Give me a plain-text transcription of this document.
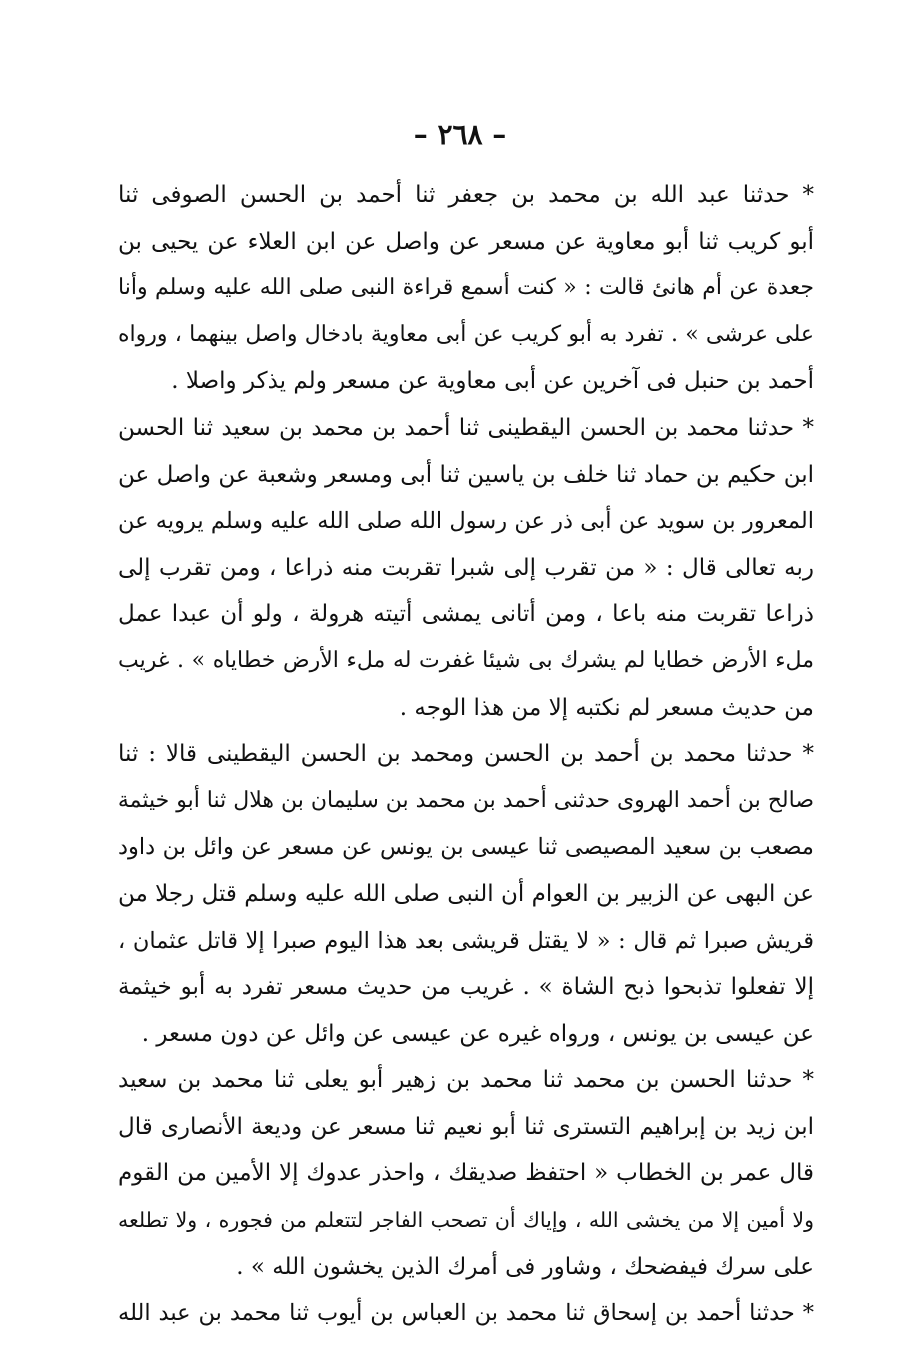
– ٢٦٨ –
* حدثنا عبد الله بن محمد بن جعفر ثنا أحمد بن الحسن الصوفى ثنا
أبو كريب ثنا أبو معاوية عن مسعر عن واصل عن ابن العلاء عن يحيى بن
جعدة عن أم هانئ قالت : « كنت أسمع قراءة النبى صلى الله عليه وسلم وأنا
على عرشى » . تفرد به أبو كريب عن أبى معاوية بادخال واصل بينهما ، ورواه
أحمد بن حنبل فى آخرين عن أبى معاوية عن مسعر ولم يذكر واصلا .
* حدثنا محمد بن الحسن اليقطينى ثنا أحمد بن محمد بن سعيد ثنا الحسن
ابن حكيم بن حماد ثنا خلف بن ياسين ثنا أبى ومسعر وشعبة عن واصل عن
المعرور بن سويد عن أبى ذر عن رسول الله صلى الله عليه وسلم يرويه عن
ربه تعالى قال : « من تقرب إلى شبرا تقربت منه ذراعا ، ومن تقرب إلى
ذراعا تقربت منه باعا ، ومن أتانى يمشى أتيته هرولة ، ولو أن عبدا عمل
ملء الأرض خطايا لم يشرك بى شيئا غفرت له ملء الأرض خطاياه » . غريب
من حديث مسعر لم نكتبه إلا من هذا الوجه .
* حدثنا محمد بن أحمد بن الحسن ومحمد بن الحسن اليقطينى قالا : ثنا
صالح بن أحمد الهروى حدثنى أحمد بن محمد بن سليمان بن هلال ثنا أبو خيثمة
مصعب بن سعيد المصيصى ثنا عيسى بن يونس عن مسعر عن وائل بن داود
عن البهى عن الزبير بن العوام أن النبى صلى الله عليه وسلم قتل رجلا من
قريش صبرا ثم قال : « لا يقتل قريشى بعد هذا اليوم صبرا إلا قاتل عثمان ،
إلا تفعلوا تذبحوا ذبح الشاة » . غريب من حديث مسعر تفرد به أبو خيثمة
عن عيسى بن يونس ، ورواه غيره عن عيسى عن وائل عن دون مسعر .
* حدثنا الحسن بن محمد ثنا محمد بن زهير أبو يعلى ثنا محمد بن سعيد
ابن زيد بن إبراهيم التسترى ثنا أبو نعيم ثنا مسعر عن وديعة الأنصارى قال
قال عمر بن الخطاب « احتفظ صديقك ، واحذر عدوك إلا الأمين من القوم
ولا أمين إلا من يخشى الله ، وإياك أن تصحب الفاجر لتتعلم من فجوره ، ولا تطلعه
على سرك فيفضحك ، وشاور فى أمرك الذين يخشون الله » .
* حدثنا أحمد بن إسحاق ثنا محمد بن العباس بن أيوب ثنا محمد بن عبد الله
